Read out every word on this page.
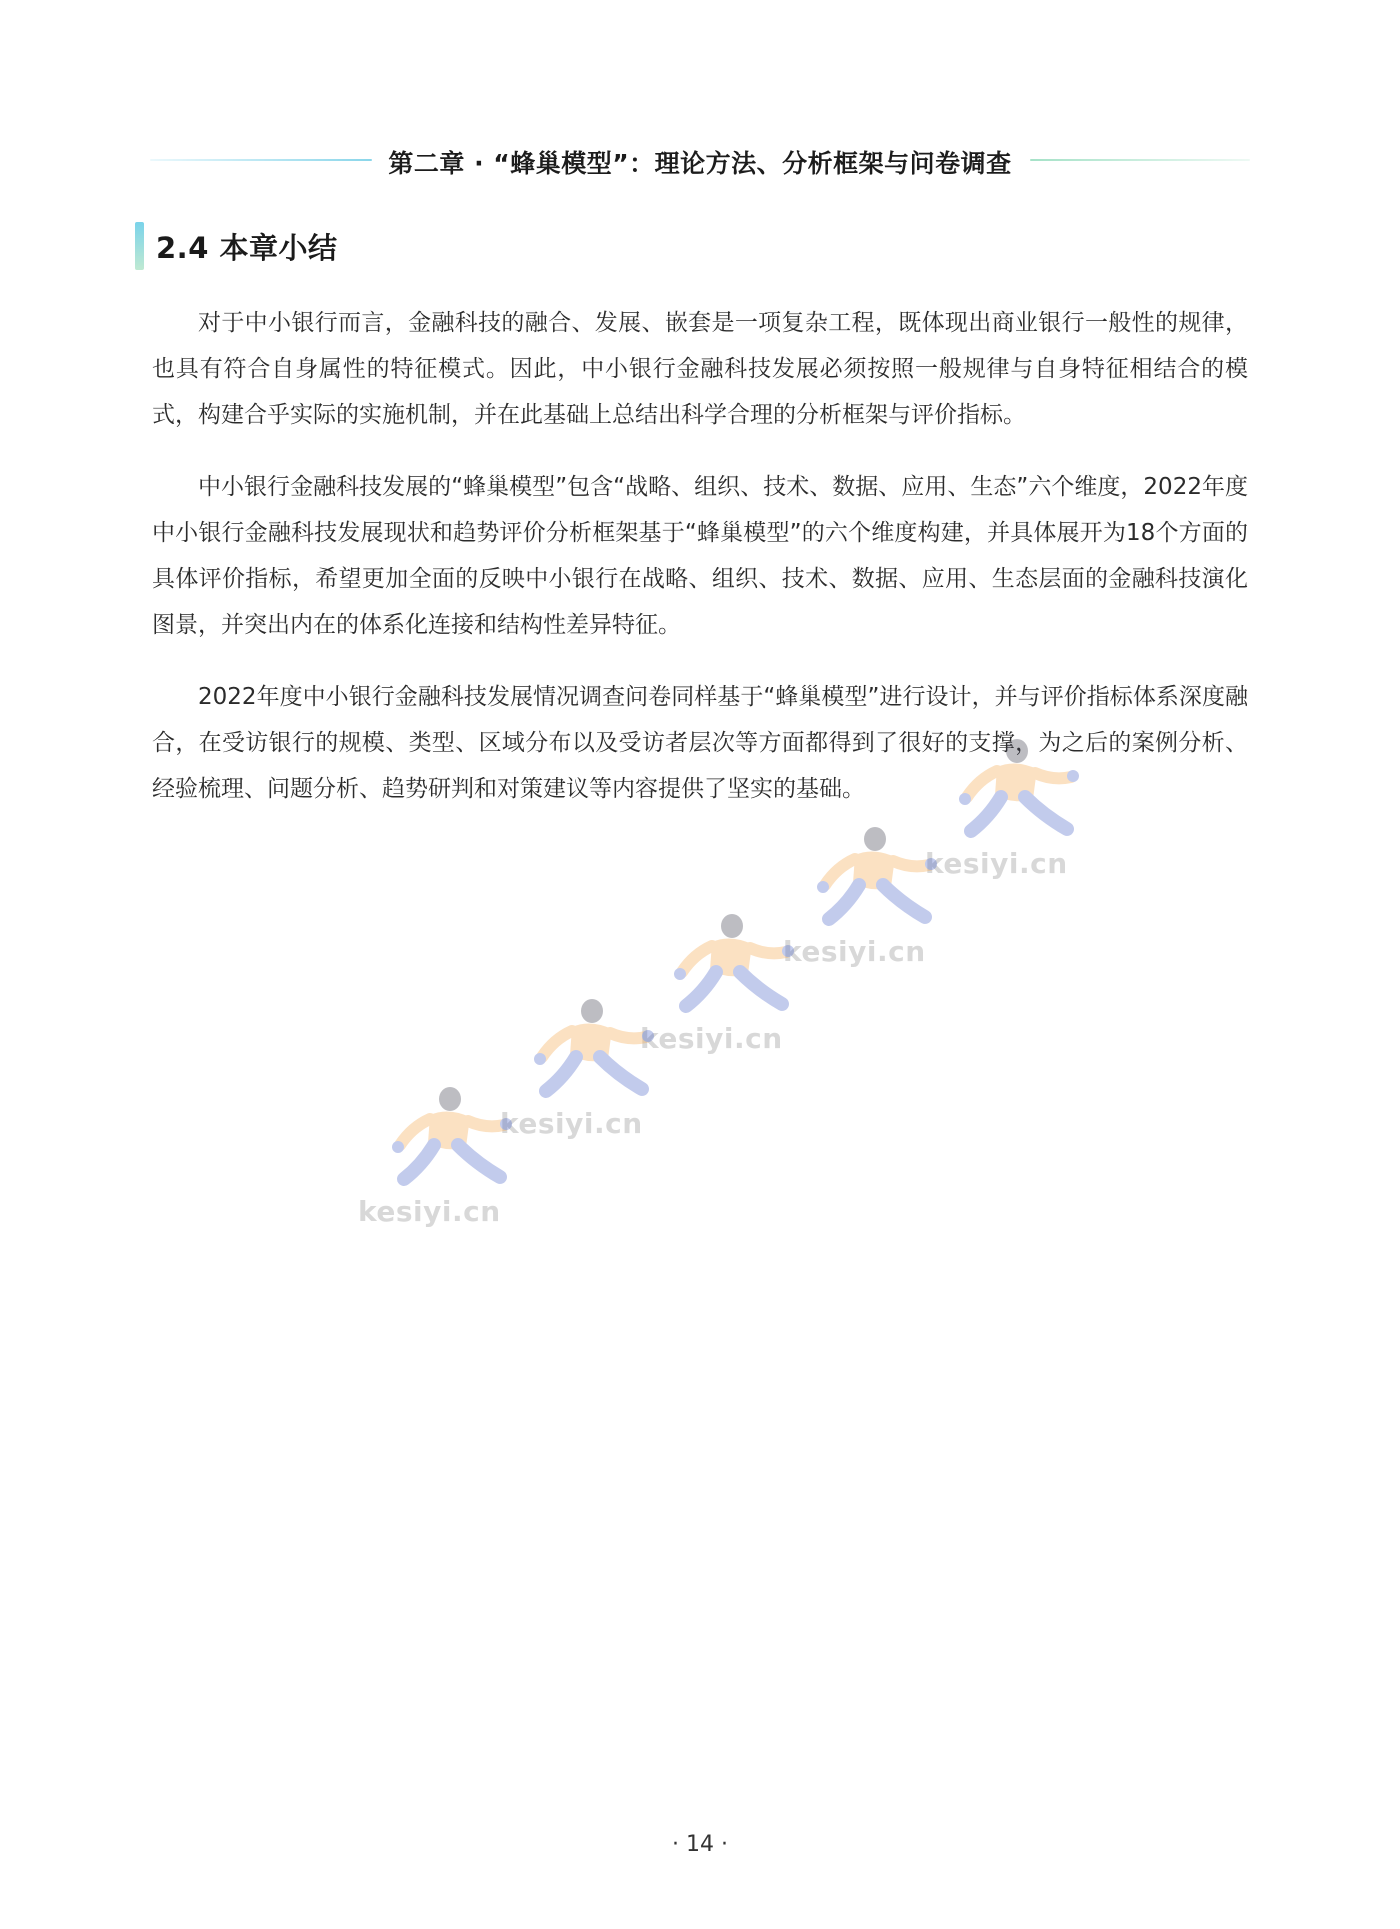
第二章 · “蜂巢模型”：理论方法、分析框架与问卷调查
2.4 本章小结

对于中小银行而言，金融科技的融合、发展、嵌套是一项复杂工程，既体现出商业银行一般性的规律，也具有符合自身属性的特征模式。因此，中小银行金融科技发展必须按照一般规律与自身特征相结合的模式，构建合乎实际的实施机制，并在此基础上总结出科学合理的分析框架与评价指标。

中小银行金融科技发展的“蜂巢模型”包含“战略、组织、技术、数据、应用、生态”六个维度，2022年度中小银行金融科技发展现状和趋势评价分析框架基于“蜂巢模型”的六个维度构建，并具体展开为18个方面的具体评价指标，希望更加全面的反映中小银行在战略、组织、技术、数据、应用、生态层面的金融科技演化图景，并突出内在的体系化连接和结构性差异特征。

2022年度中小银行金融科技发展情况调查问卷同样基于“蜂巢模型”进行设计，并与评价指标体系深度融合，在受访银行的规模、类型、区域分布以及受访者层次等方面都得到了很好的支撑，为之后的案例分析、经验梳理、问题分析、趋势研判和对策建议等内容提供了坚实的基础。

kesiyi.cn
kesiyi.cn
kesiyi.cn
kesiyi.cn
kesiyi.cn
· 14 ·
